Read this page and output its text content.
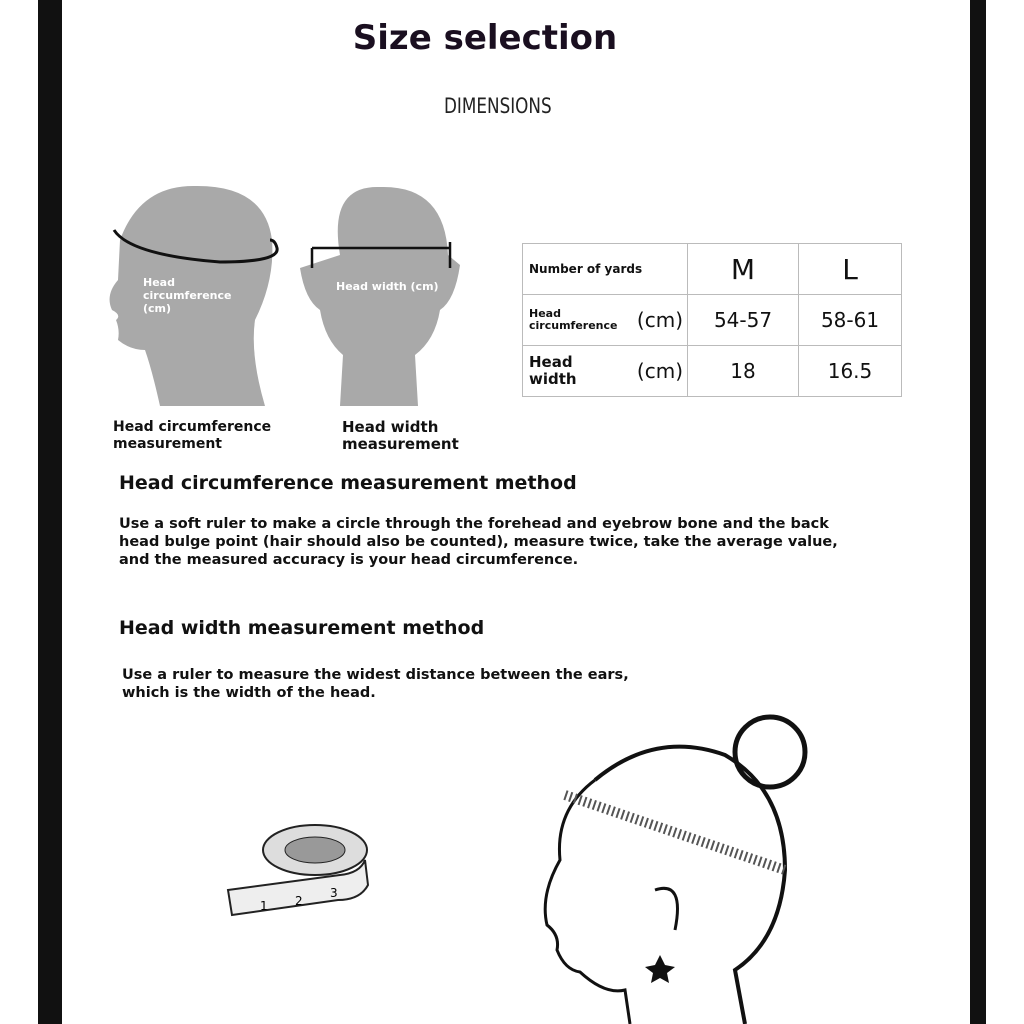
Size selection
DIMENSIONS
Head circumference (cm)
Head width (cm)
Head circumference measurement
Head width measurement
Number of yards	M	L

Head circumference (cm)	54-57	58-61

Head width (cm)	18	16.5
Head circumference measurement method
Use a soft ruler to make a circle through the forehead and eyebrow bone and the back head bulge point (hair should also be counted), measure twice, take the average value, and the measured accuracy is your head circumference.
Head width measurement method
Use a ruler to measure the widest distance between the ears, which is the width of the head.
1 2
3
